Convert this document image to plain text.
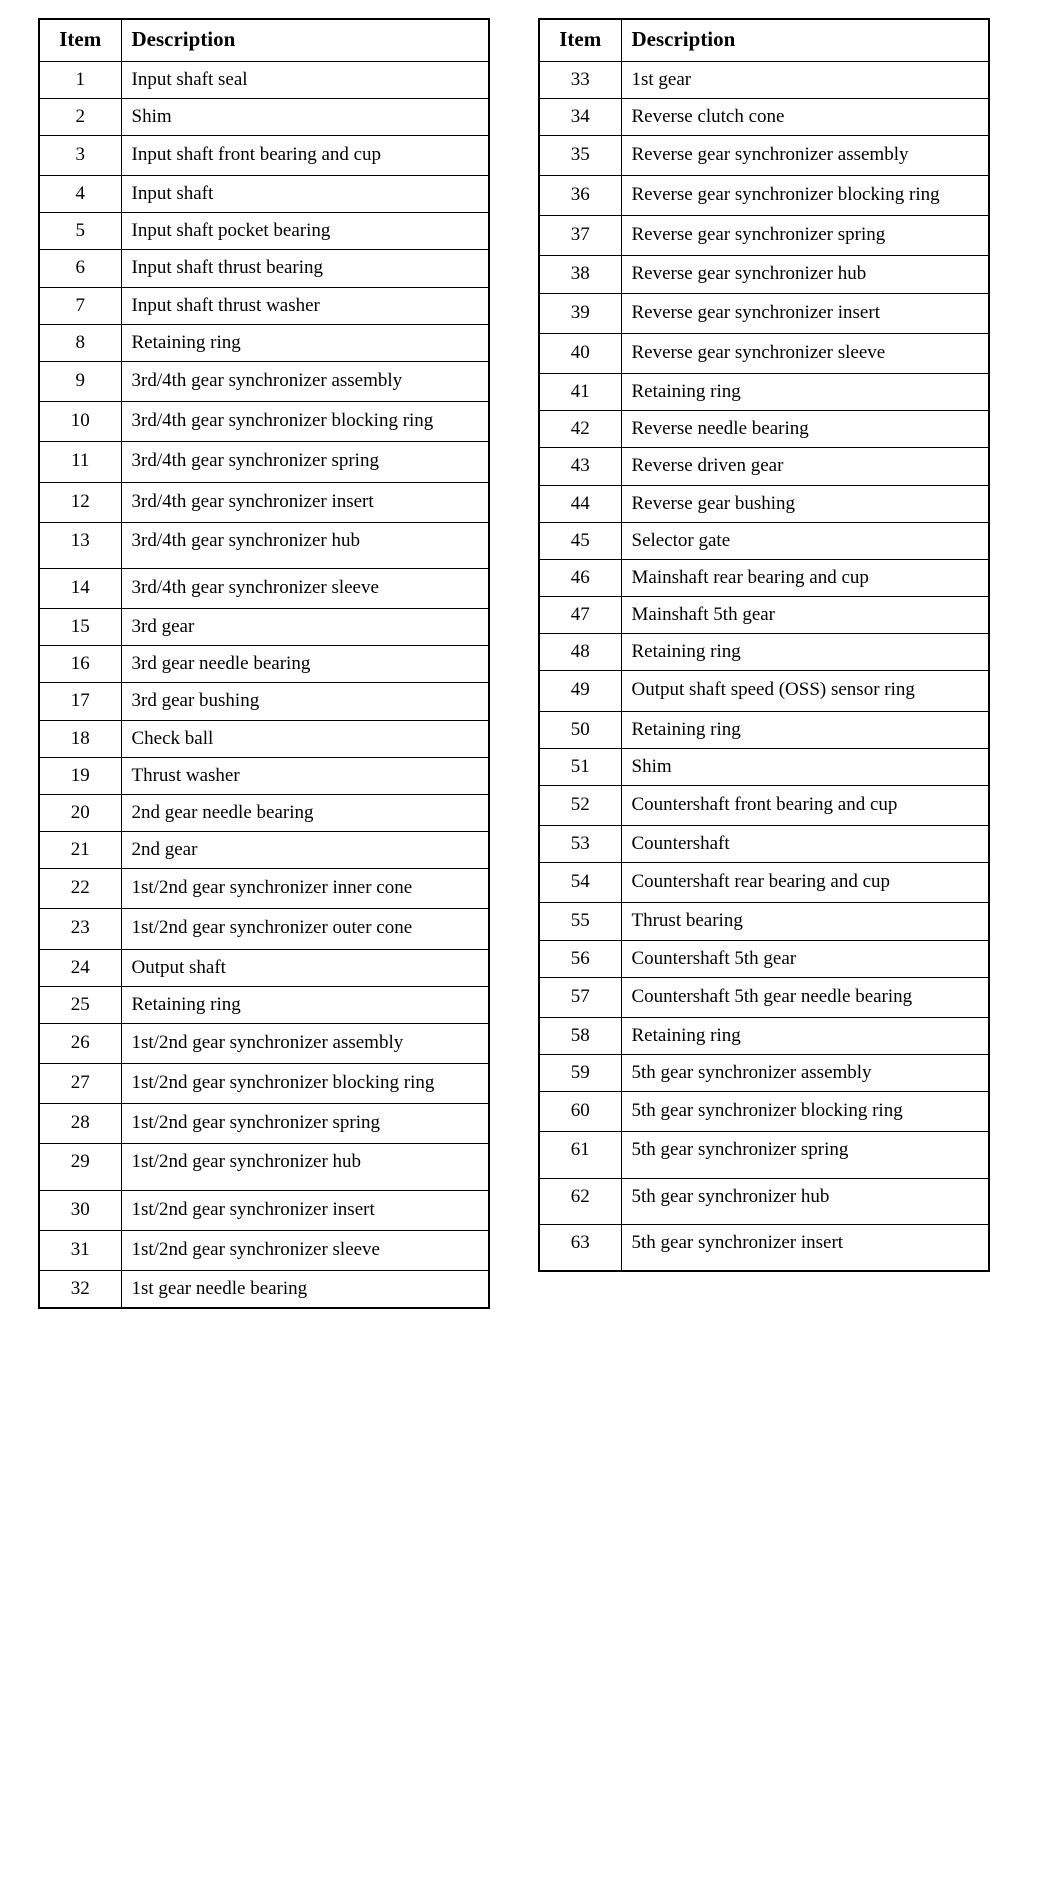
Item	Description
1	Input shaft seal
2	Shim
3	Input shaft front bearing and cup
4	Input shaft
5	Input shaft pocket bearing
6	Input shaft thrust bearing
7	Input shaft thrust washer
8	Retaining ring
9	3rd/4th gear synchronizer assembly
10	3rd/4th gear synchronizer blocking ring
11	3rd/4th gear synchronizer spring
12	3rd/4th gear synchronizer insert
13	3rd/4th gear synchronizer hub
14	3rd/4th gear synchronizer sleeve
15	3rd gear
16	3rd gear needle bearing
17	3rd gear bushing
18	Check ball
19	Thrust washer
20	2nd gear needle bearing
21	2nd gear
22	1st/2nd gear synchronizer inner cone
23	1st/2nd gear synchronizer outer cone
24	Output shaft
25	Retaining ring
26	1st/2nd gear synchronizer assembly
27	1st/2nd gear synchronizer blocking ring
28	1st/2nd gear synchronizer spring
29	1st/2nd gear synchronizer hub
30	1st/2nd gear synchronizer insert
31	1st/2nd gear synchronizer sleeve
32	1st gear needle bearing
Item	Description
33	1st gear
34	Reverse clutch cone
35	Reverse gear synchronizer assembly
36	Reverse gear synchronizer blocking ring
37	Reverse gear synchronizer spring
38	Reverse gear synchronizer hub
39	Reverse gear synchronizer insert
40	Reverse gear synchronizer sleeve
41	Retaining ring
42	Reverse needle bearing
43	Reverse driven gear
44	Reverse gear bushing
45	Selector gate
46	Mainshaft rear bearing and cup
47	Mainshaft 5th gear
48	Retaining ring
49	Output shaft speed (OSS) sensor ring
50	Retaining ring
51	Shim
52	Countershaft front bearing and cup
53	Countershaft
54	Countershaft rear bearing and cup
55	Thrust bearing
56	Countershaft 5th gear
57	Countershaft 5th gear needle bearing
58	Retaining ring
59	5th gear synchronizer assembly
60	5th gear synchronizer blocking ring
61	5th gear synchronizer spring
62	5th gear synchronizer hub
63	5th gear synchronizer insert
